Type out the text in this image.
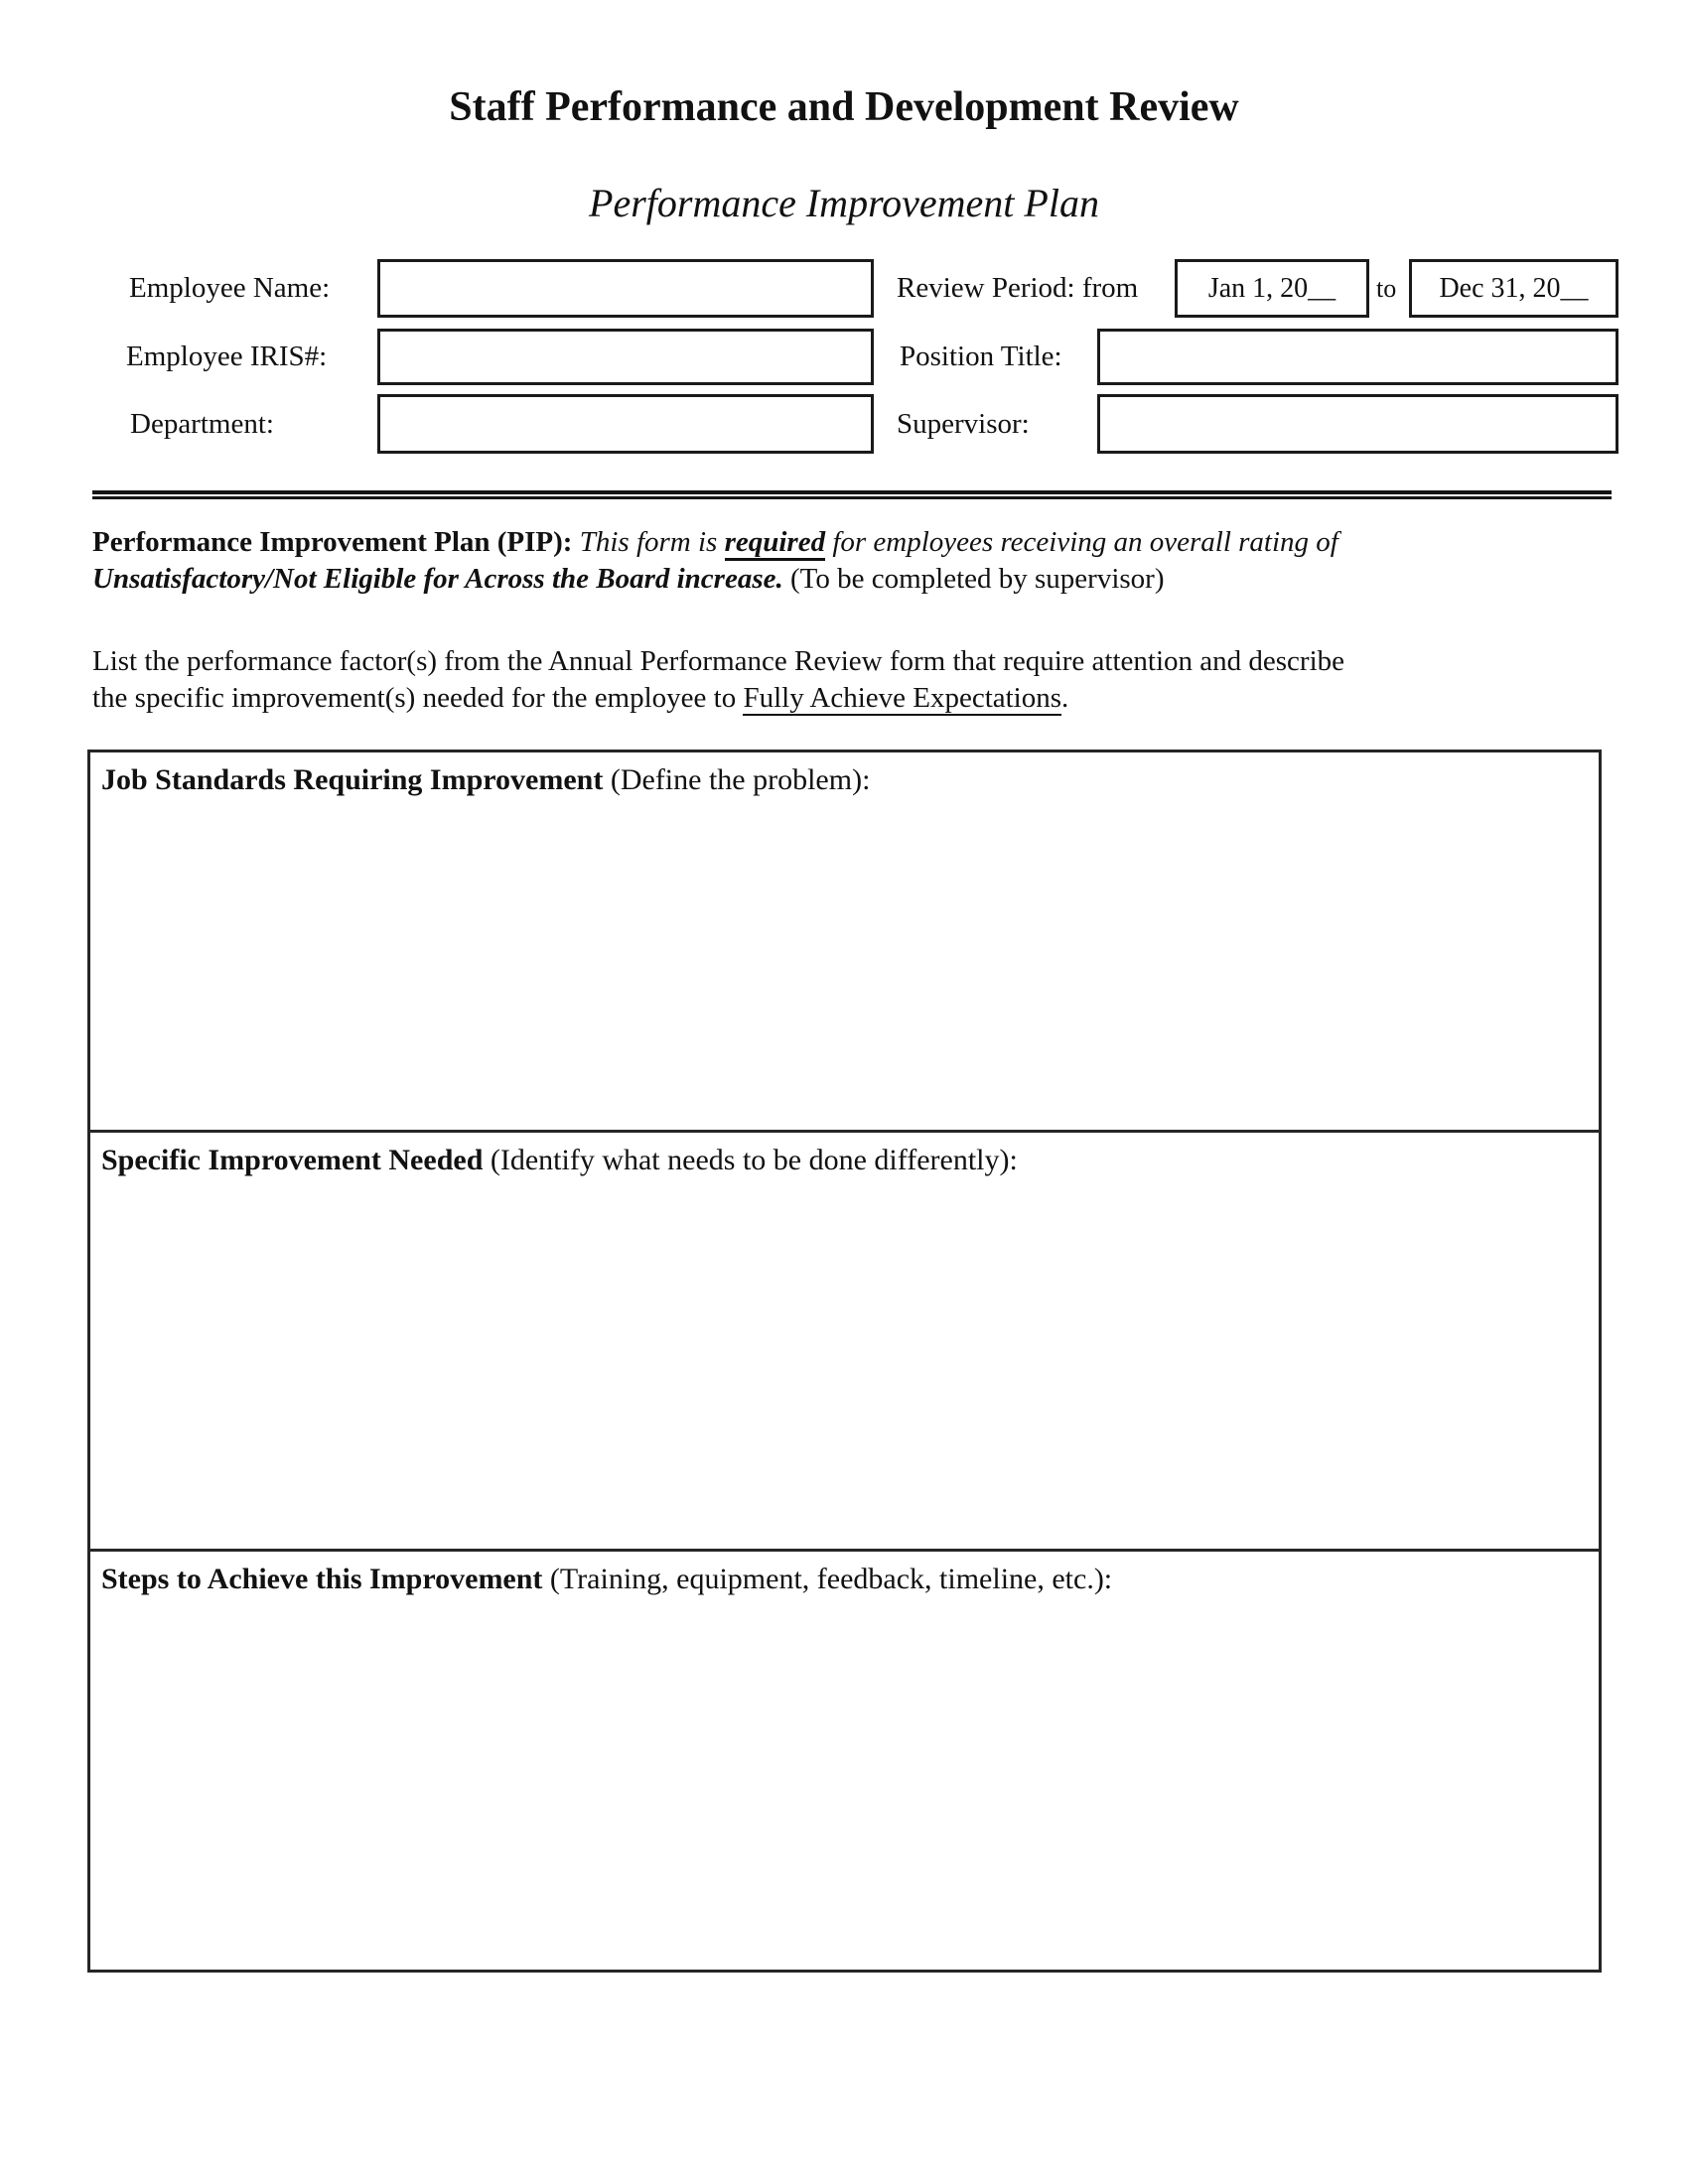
Staff Performance and Development Review
Performance Improvement Plan
Employee Name:	Review Period: from	Jan 1, 20__	to	Dec 31, 20__
Employee IRIS#:	Position Title:
Department:	Supervisor:
Performance Improvement Plan (PIP): This form is required for employees receiving an overall rating of
Unsatisfactory/Not Eligible for Across the Board increase. (To be completed by supervisor)
List the performance factor(s) from the Annual Performance Review form that require attention and describe
the specific improvement(s) needed for the employee to Fully Achieve Expectations.
Job Standards Requiring Improvement (Define the problem):
Specific Improvement Needed (Identify what needs to be done differently):
Steps to Achieve this Improvement (Training, equipment, feedback, timeline, etc.):
